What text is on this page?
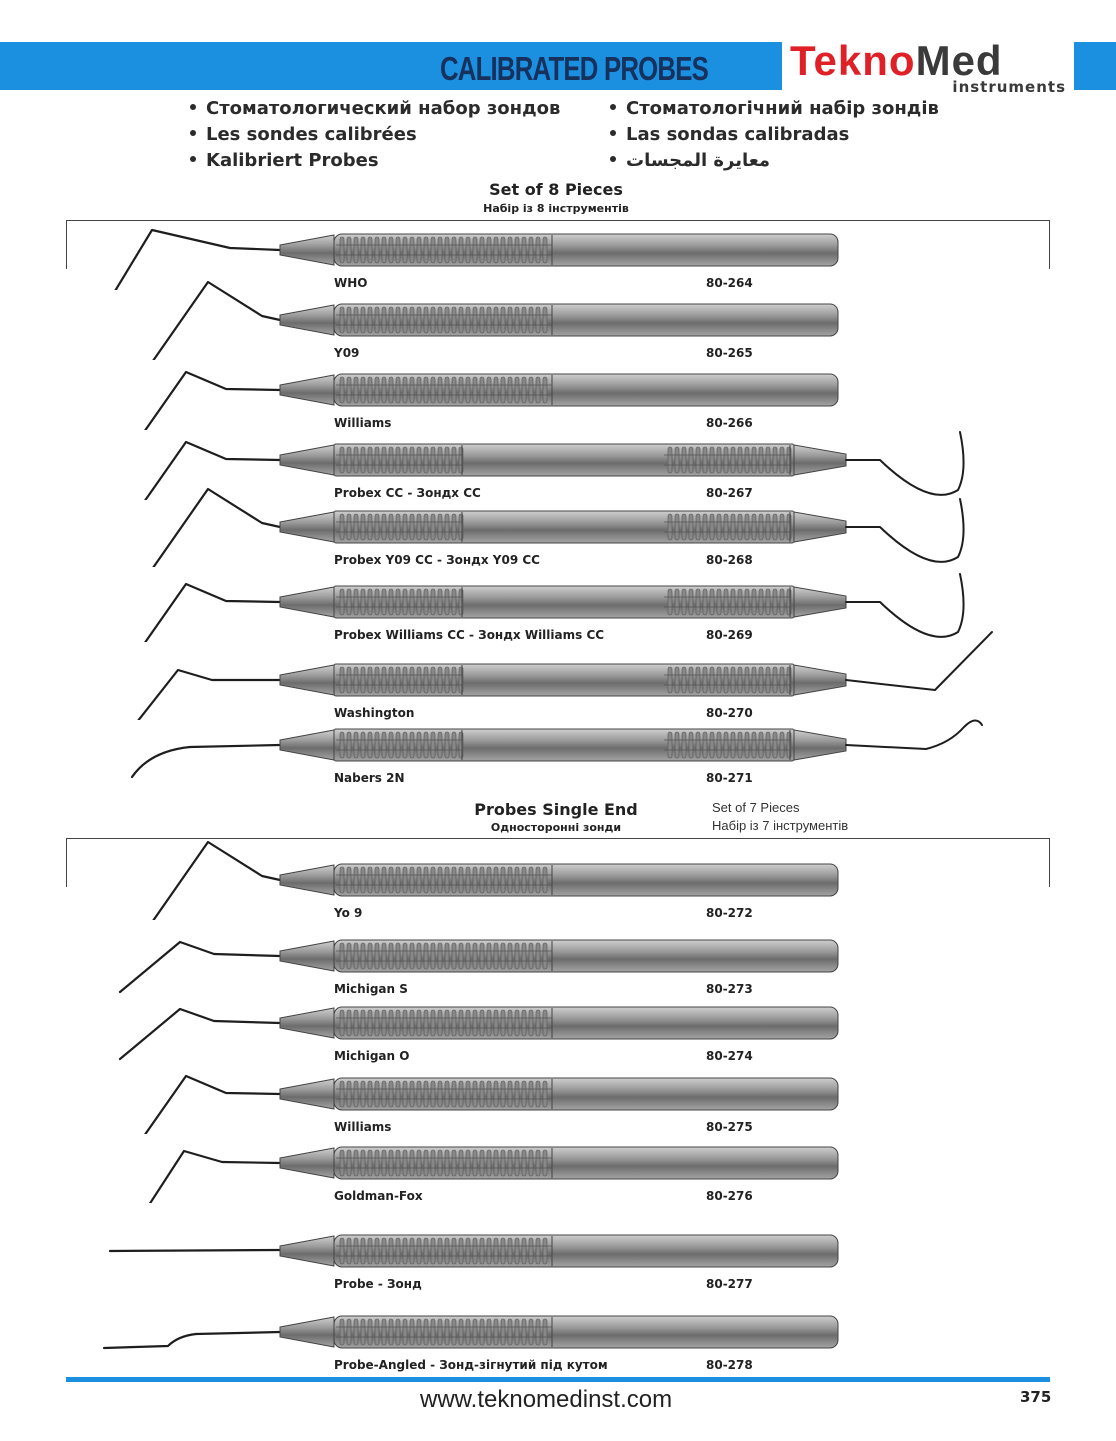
CALIBRATED PROBES TeknoMed
instruments
Стоматологический набор зондов
Les sondes calibrées
Kalibriert Probes
Стоматологічний набір зондів
Las sondas calibradas
معايرة المجسات
Set of 8 Pieces
Набір із 8 інструментів
WHO	80-264
Y09	80-265
Williams	80-266
Probex CC - Зондх CC	80-267
Probex Y09 CC - Зондх Y09 CC	80-268
Probex Williams CC - Зондх Williams CC	80-269
Washington	80-270
Nabers 2N	80-271
Probes Single End
Односторонні зонди
Set of 7 Pieces
Набір із 7 інструментів
Yo 9	80-272
Michigan S	80-273
Michigan O	80-274
Williams	80-275
Goldman-Fox	80-276
Probe - Зонд	80-277
Probe-Angled - Зонд-зігнутий під кутом	80-278
www.teknomedinst.com	375
